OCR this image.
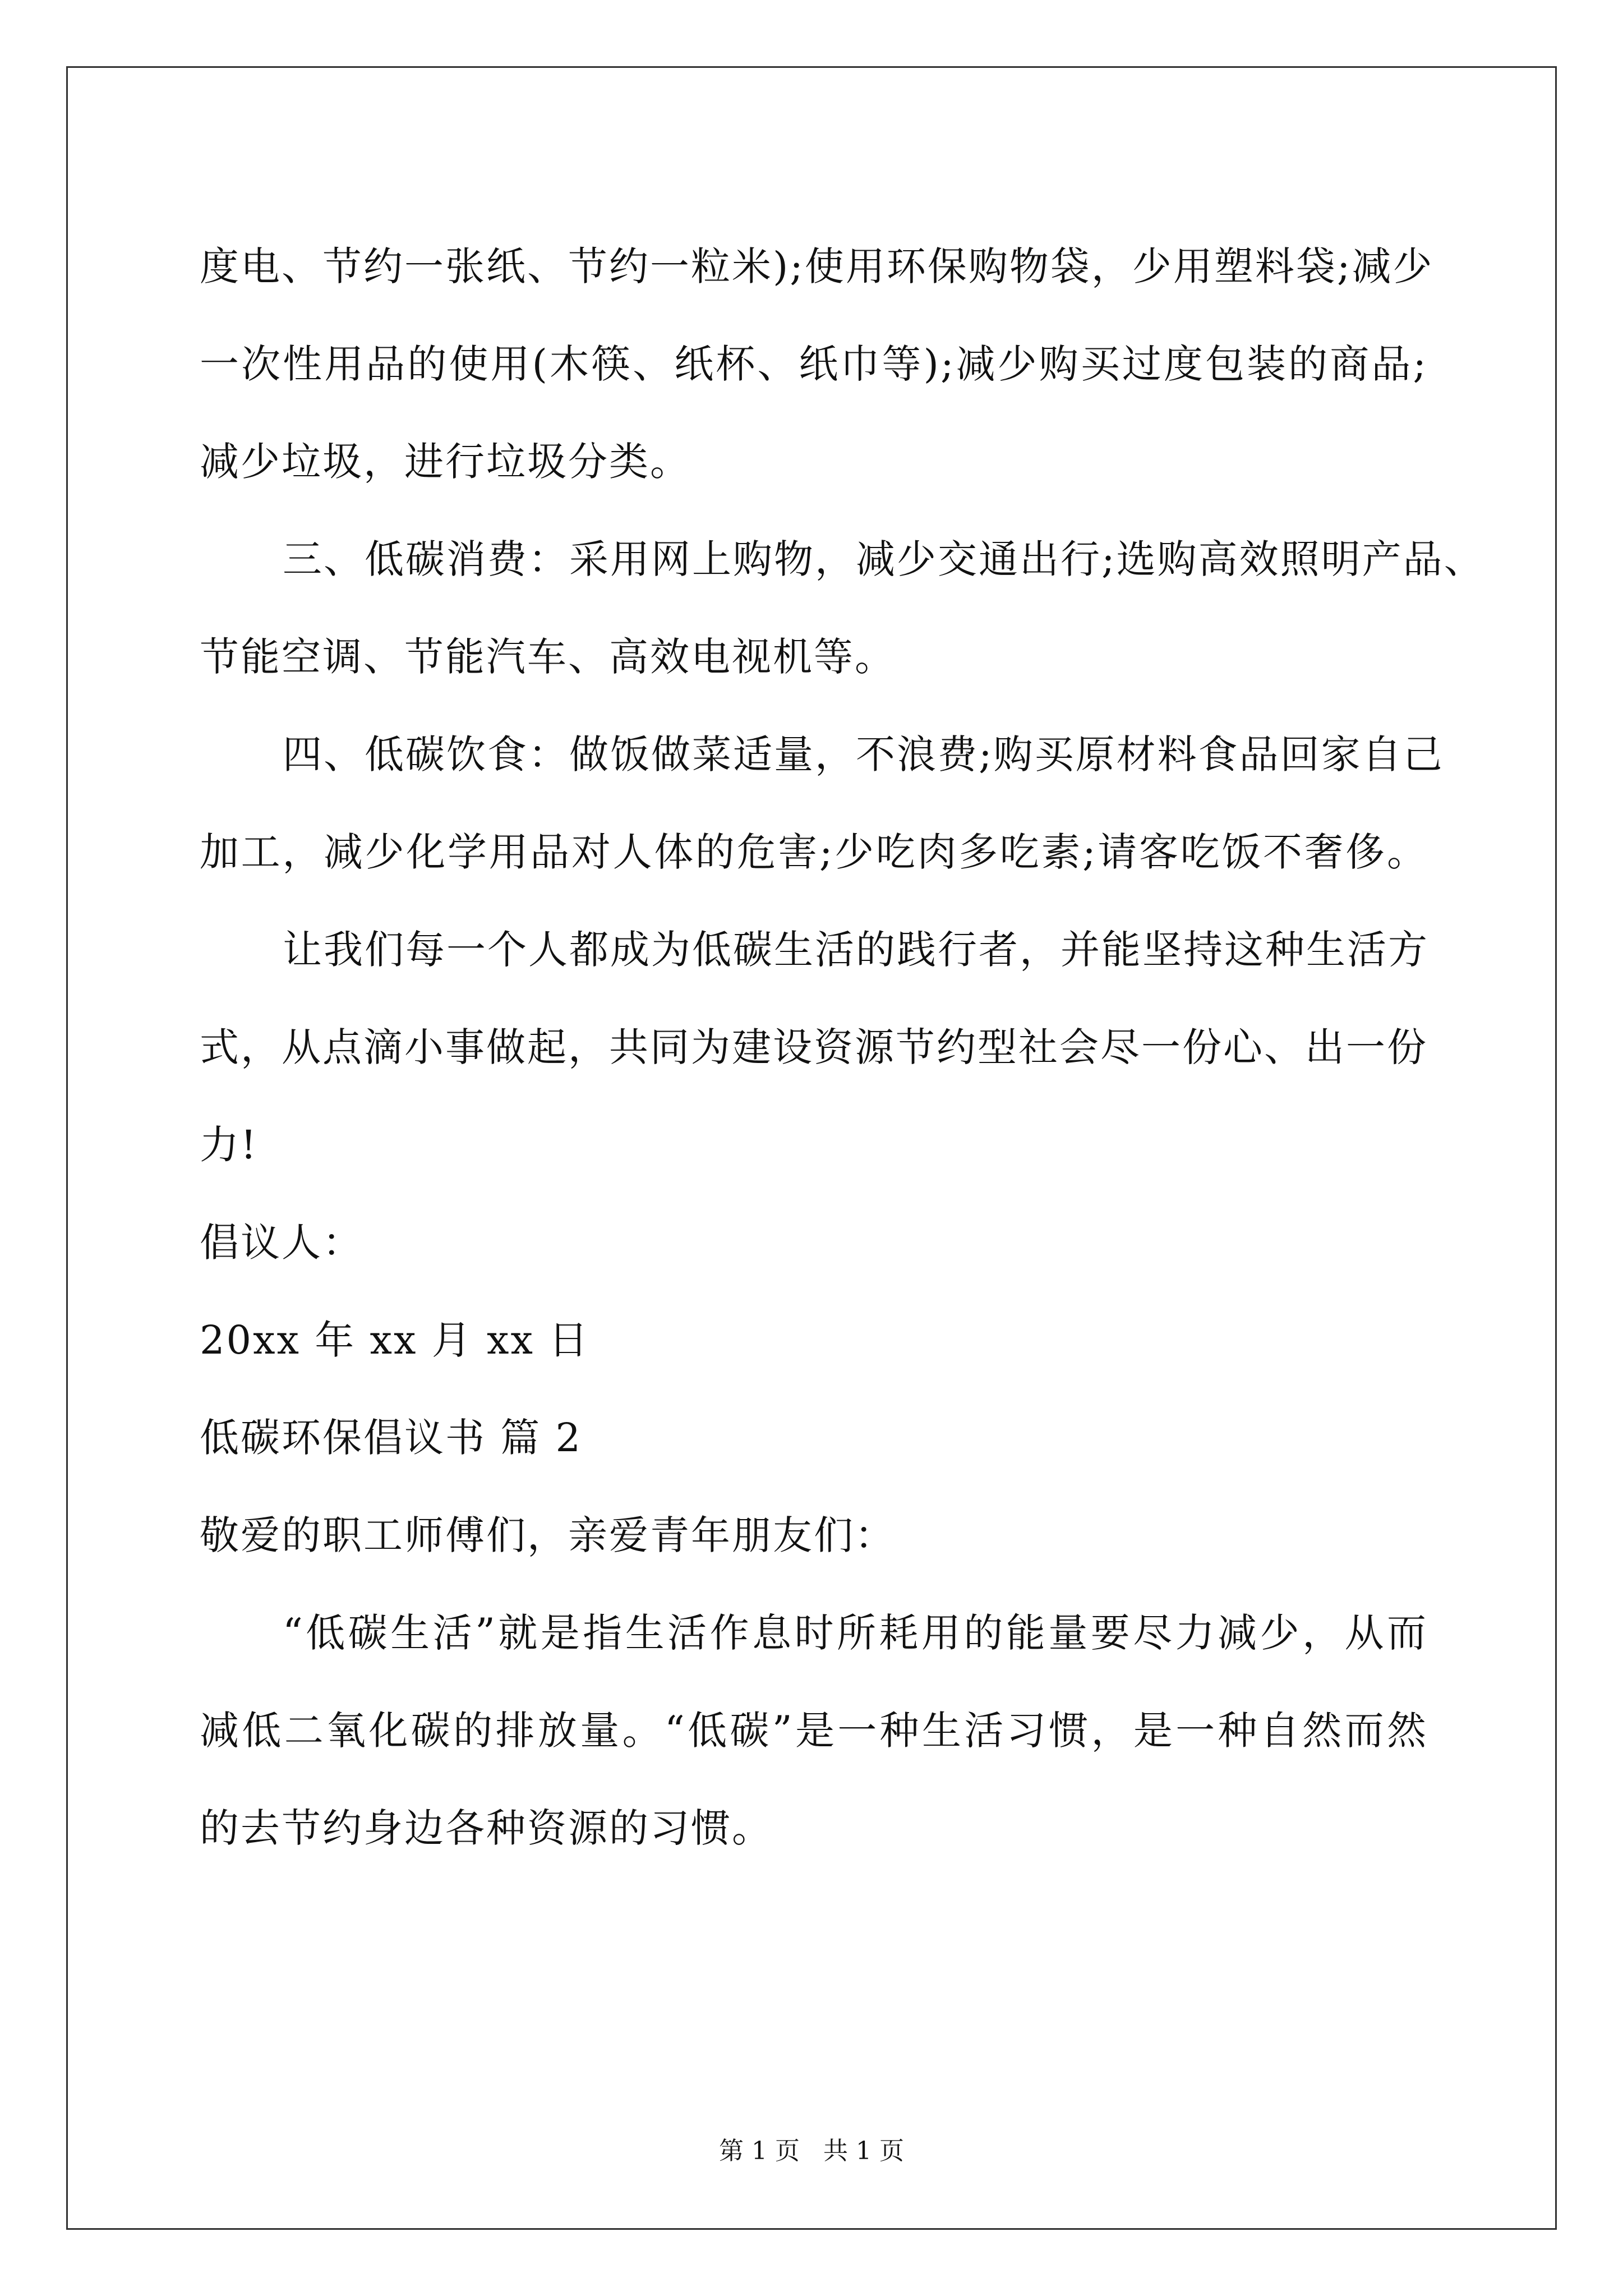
度电、节约一张纸、节约一粒米);使用环保购物袋，少用塑料袋;减少
一次性用品的使用(木筷、纸杯、纸巾等);减少购买过度包装的商品;
减少垃圾，进行垃圾分类。
三、低碳消费：采用网上购物，减少交通出行;选购高效照明产品、
节能空调、节能汽车、高效电视机等。
四、低碳饮食：做饭做菜适量，不浪费;购买原材料食品回家自己
加工，减少化学用品对人体的危害;少吃肉多吃素;请客吃饭不奢侈。
让我们每一个人都成为低碳生活的践行者，并能坚持这种生活方
式，从点滴小事做起，共同为建设资源节约型社会尽一份心、出一份
力!
倡议人：
20xx 年 xx 月 xx 日
低碳环保倡议书 篇 2
敬爱的职工师傅们，亲爱青年朋友们：
“低碳生活”就是指生活作息时所耗用的能量要尽力减少，从而
减低二氧化碳的排放量。“低碳”是一种生活习惯，是一种自然而然
的去节约身边各种资源的习惯。
第 1 页 共 1 页
